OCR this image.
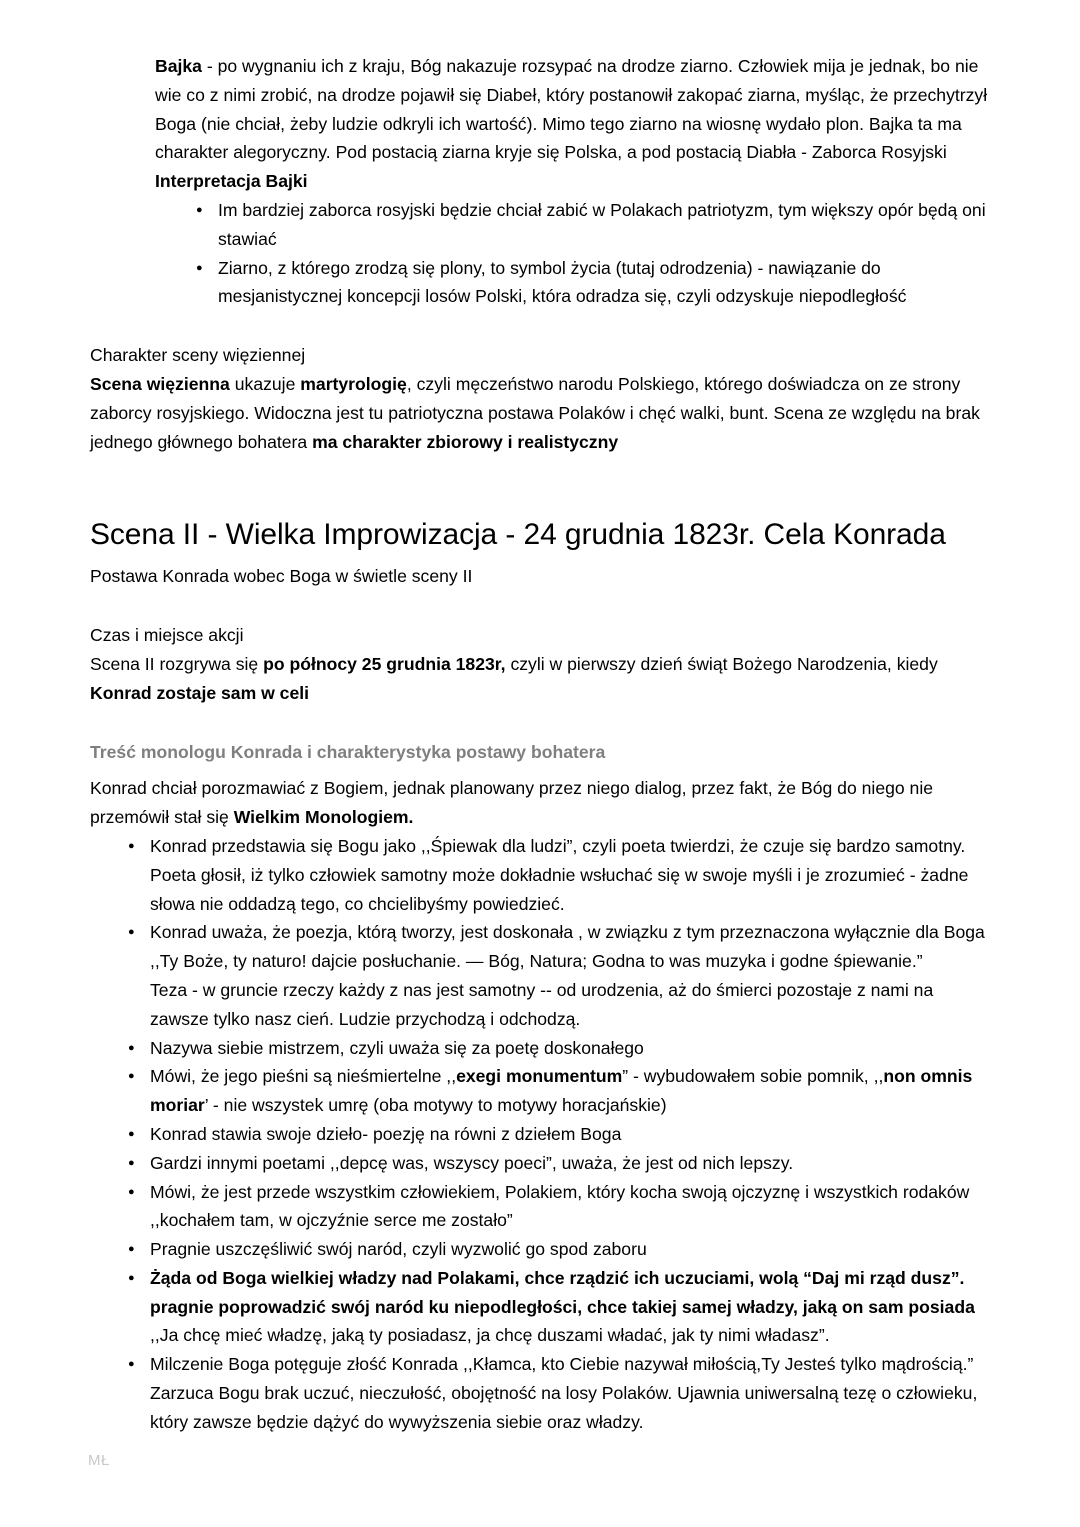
Bajka - po wygnaniu ich z kraju, Bóg nakazuje rozsypać na drodze ziarno. Człowiek mija je jednak, bo nie wie co z nimi zrobić, na drodze pojawił się Diabeł, który postanowił zakopać ziarna, myśląc, że przechytrzył Boga (nie chciał, żeby ludzie odkryli ich wartość). Mimo tego ziarno na wiosnę wydało plon. Bajka ta ma charakter alegoryczny. Pod postacią ziarna kryje się Polska, a pod postacią Diabła - Zaborca Rosyjski

Interpretacja Bajki

● Im bardziej zaborca rosyjski będzie chciał zabić w Polakach patriotyzm, tym większy opór będą oni stawiać
● Ziarno, z którego zrodzą się plony, to symbol życia (tutaj odrodzenia) - nawiązanie do mesjanistycznej koncepcji losów Polski, która odradza się, czyli odzyskuje niepodległość

Charakter sceny więziennej

Scena więzienna ukazuje martyrologię, czyli męczeństwo narodu Polskiego, którego doświadcza on ze strony zaborcy rosyjskiego. Widoczna jest tu patriotyczna postawa Polaków i chęć walki, bunt. Scena ze względu na brak jednego głównego bohatera ma charakter zbiorowy i realistyczny

Scena II - Wielka Improwizacja - 24 grudnia 1823r. Cela Konrada

Postawa Konrada wobec Boga w świetle sceny II

Czas i miejsce akcji

Scena II rozgrywa się po północy 25 grudnia 1823r, czyli w pierwszy dzień świąt Bożego Narodzenia, kiedy Konrad zostaje sam w celi

Treść monologu Konrada i charakterystyka postawy bohatera

Konrad chciał porozmawiać z Bogiem, jednak planowany przez niego dialog, przez fakt, że Bóg do niego nie przemówił stał się Wielkim Monologiem.

● Konrad przedstawia się Bogu jako ,,Śpiewak dla ludzi”, czyli poeta twierdzi, że czuje się bardzo samotny. Poeta głosił, iż tylko człowiek samotny może dokładnie wsłuchać się w swoje myśli i je zrozumieć - żadne słowa nie oddadzą tego, co chcielibyśmy powiedzieć.
● Konrad uważa, że poezja, którą tworzy, jest doskonała , w związku z tym przeznaczona wyłącznie dla Boga ,,Ty Boże, ty naturo! dajcie posłuchanie. — Bóg, Natura; Godna to was muzyka i godne śpiewanie.”
Teza - w gruncie rzeczy każdy z nas jest samotny -- od urodzenia, aż do śmierci pozostaje z nami na zawsze tylko nasz cień. Ludzie przychodzą i odchodzą.
● Nazywa siebie mistrzem, czyli uważa się za poetę doskonałego
● Mówi, że jego pieśni są nieśmiertelne ,,exegi monumentum” - wybudowałem sobie pomnik, ,,non omnis moriar’ - nie wszystek umrę (oba motywy to motywy horacjańskie)
● Konrad stawia swoje dzieło- poezję na równi z dziełem Boga
● Gardzi innymi poetami ,,depcę was, wszyscy poeci”, uważa, że jest od nich lepszy.
● Mówi, że jest przede wszystkim człowiekiem, Polakiem, który kocha swoją ojczyznę i wszystkich rodaków ,,kochałem tam, w ojczyźnie serce me zostało”
● Pragnie uszczęśliwić swój naród, czyli wyzwolić go spod zaboru
● Żąda od Boga wielkiej władzy nad Polakami, chce rządzić ich uczuciami, wolą “Daj mi rząd dusz”. pragnie poprowadzić swój naród ku niepodległości, chce takiej samej władzy, jaką on sam posiada ,,Ja chcę mieć władzę, jaką ty posiadasz, ja chcę duszami władać, jak ty nimi władasz”.
● Milczenie Boga potęguje złość Konrada ,,Kłamca, kto Ciebie nazywał miłością,Ty Jesteś tylko mądrością.” Zarzuca Bogu brak uczuć, nieczułość, obojętność na losy Polaków. Ujawnia uniwersalną tezę o człowieku, który zawsze będzie dążyć do wywyższenia siebie oraz władzy.
MŁ
